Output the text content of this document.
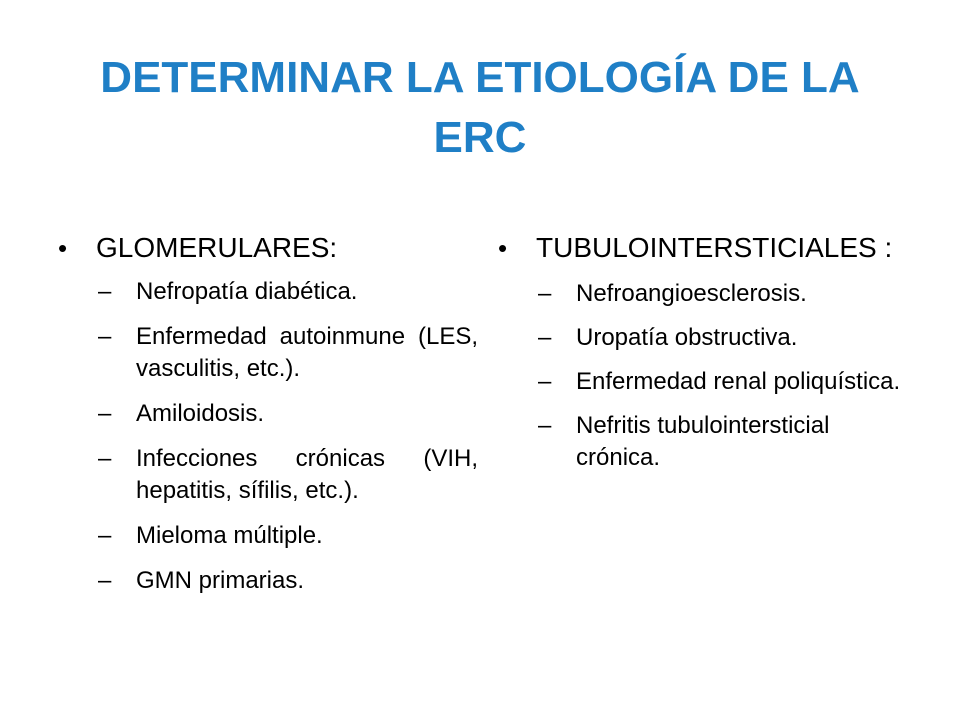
DETERMINAR LA ETIOLOGÍA DE LA ERC
•	GLOMERULARES:
– Nefropatía diabética.
– Enfermedad autoinmune (LES, vasculitis, etc.).
– Amiloidosis.
– Infecciones crónicas (VIH, hepatitis, sífilis, etc.).
– Mieloma múltiple.
– GMN primarias.
•	TUBULOINTERSTICIALES :
– Nefroangioesclerosis.
– Uropatía obstructiva.
– Enfermedad renal poliquística.
– Nefritis tubulointersticial crónica.
